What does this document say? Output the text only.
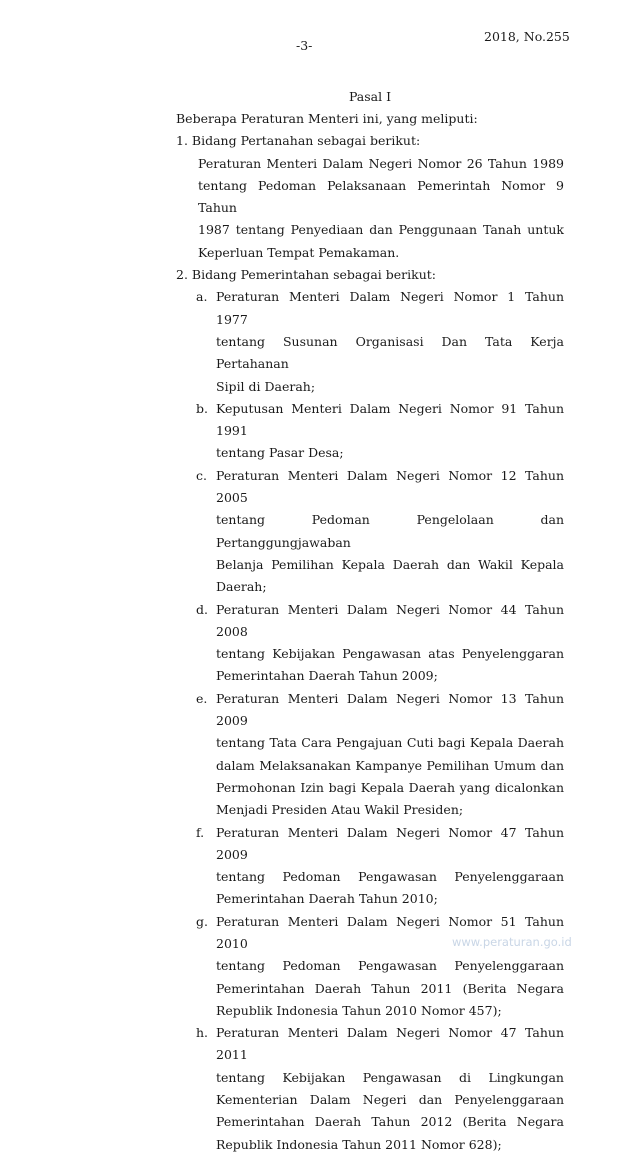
-3-
2018, No.255
Pasal I
Beberapa Peraturan Menteri ini, yang meliputi:
1. Bidang Pertanahan sebagai berikut:
Peraturan Menteri Dalam Negeri Nomor 26 Tahun 1989
tentang Pedoman Pelaksanaan Pemerintah Nomor 9 Tahun
1987 tentang Penyediaan dan Penggunaan Tanah untuk
Keperluan Tempat Pemakaman.
2. Bidang Pemerintahan sebagai berikut:
a. Peraturan Menteri Dalam Negeri Nomor 1 Tahun 1977
tentang Susunan Organisasi Dan Tata Kerja Pertahanan
Sipil di Daerah;
b. Keputusan Menteri Dalam Negeri Nomor 91 Tahun 1991
tentang Pasar Desa;
c. Peraturan Menteri Dalam Negeri Nomor 12 Tahun 2005
tentang Pedoman Pengelolaan dan Pertanggungjawaban
Belanja Pemilihan Kepala Daerah dan Wakil Kepala
Daerah;
d. Peraturan Menteri Dalam Negeri Nomor 44 Tahun 2008
tentang Kebijakan Pengawasan atas Penyelenggaran
Pemerintahan Daerah Tahun 2009;
e. Peraturan Menteri Dalam Negeri Nomor 13 Tahun 2009
tentang Tata Cara Pengajuan Cuti bagi Kepala Daerah
dalam Melaksanakan Kampanye Pemilihan Umum dan
Permohonan Izin bagi Kepala Daerah yang dicalonkan
Menjadi Presiden Atau Wakil Presiden;
f. Peraturan Menteri Dalam Negeri Nomor 47 Tahun 2009
tentang Pedoman Pengawasan Penyelenggaraan
Pemerintahan Daerah Tahun 2010;
g. Peraturan Menteri Dalam Negeri Nomor 51 Tahun 2010
tentang Pedoman Pengawasan Penyelenggaraan
Pemerintahan Daerah Tahun 2011 (Berita Negara
Republik Indonesia Tahun 2010 Nomor 457);
h. Peraturan Menteri Dalam Negeri Nomor 47 Tahun 2011
tentang Kebijakan Pengawasan di Lingkungan
Kementerian Dalam Negeri dan Penyelenggaraan
Pemerintahan Daerah Tahun 2012 (Berita Negara
Republik Indonesia Tahun 2011 Nomor 628);
www.peraturan.go.id
